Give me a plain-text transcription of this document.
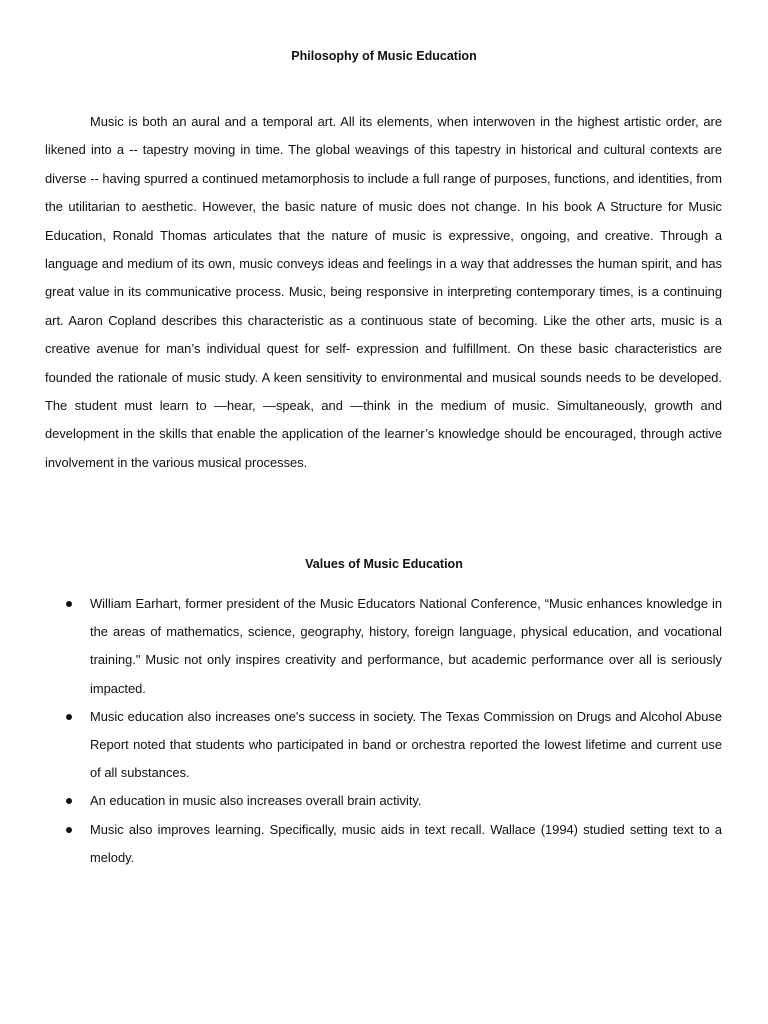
Philosophy of Music Education

Music is both an aural and a temporal art. All its elements, when interwoven in the highest artistic order, are likened into a -- tapestry moving in time. The global weavings of this tapestry in historical and cultural contexts are diverse -- having spurred a continued metamorphosis to include a full range of purposes, functions, and identities, from the utilitarian to aesthetic. However, the basic nature of music does not change. In his book A Structure for Music Education, Ronald Thomas articulates that the nature of music is expressive, ongoing, and creative. Through a language and medium of its own, music conveys ideas and feelings in a way that addresses the human spirit, and has great value in its communicative process. Music, being responsive in interpreting contemporary times, is a continuing art. Aaron Copland describes this characteristic as a continuous state of becoming. Like the other arts, music is a creative avenue for man’s individual quest for self- expression and fulfillment. On these basic characteristics are founded the rationale of music study. A keen sensitivity to environmental and musical sounds needs to be developed. The student must learn to —hear, —speak, and —think in the medium of music. Simultaneously, growth and development in the skills that enable the application of the learner’s knowledge should be encouraged, through active involvement in the various musical processes.

Values of Music Education
William Earhart, former president of the Music Educators National Conference, “Music enhances knowledge in the areas of mathematics, science, geography, history, foreign language, physical education, and vocational training." Music not only inspires creativity and performance, but academic performance over all is seriously impacted.
Music education also increases one's success in society. The Texas Commission on Drugs and Alcohol Abuse Report noted that students who participated in band or orchestra reported the lowest lifetime and current use of all substances.
An education in music also increases overall brain activity.
Music also improves learning. Specifically, music aids in text recall. Wallace (1994) studied setting text to a melody.
